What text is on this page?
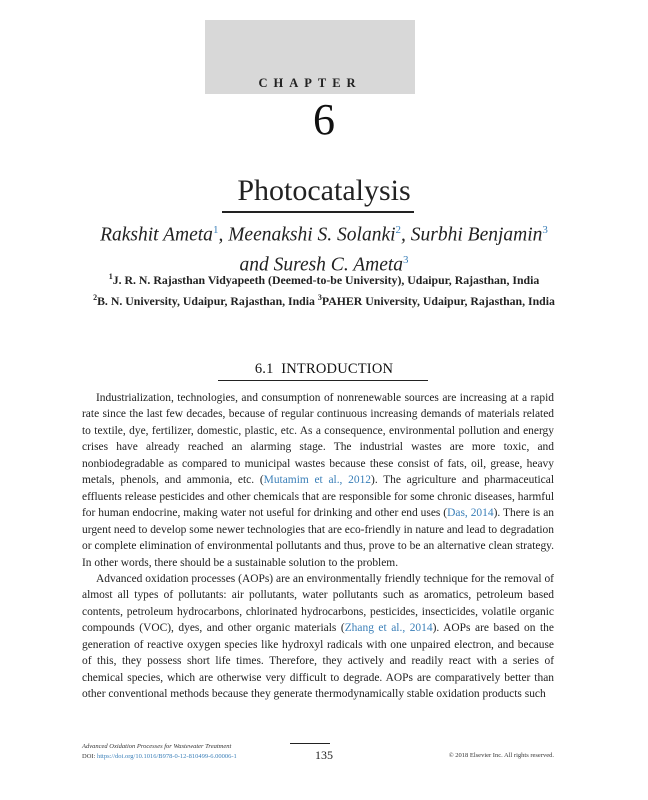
CHAPTER
6
Photocatalysis
Rakshit Ameta$^1$, Meenakshi S. Solanki$^2$, Surbhi Benjamin$^3$
and Suresh C. Ameta$^3$
$^1$J. R. N. Rajasthan Vidyapeeth (Deemed-to-be University), Udaipur, Rajasthan, India
$^2$B. N. University, Udaipur, Rajasthan, India $^3$PAHER University, Udaipur, Rajasthan, India
6.1 INTRODUCTION

Industrialization, technologies, and consumption of nonrenewable sources are increasing at a rapid rate since the last few decades, because of regular continuous increasing demands of materials related to textile, dye, fertilizer, domestic, plastic, etc. As a consequence, environmental pollution and energy crises have already reached an alarming stage. The industrial wastes are more toxic, and nonbiodegradable as compared to municipal wastes because these consist of fats, oil, grease, heavy metals, phenols, and ammonia, etc. (Mutamim et al., 2012). The agriculture and pharmaceutical effluents release pesticides and other chemicals that are responsible for some chronic diseases, harmful for human endocrine, making water not useful for drinking and other end uses (Das, 2014). There is an urgent need to develop some newer technologies that are eco-friendly in nature and lead to degradation or complete elimination of environmental pollutants and thus, prove to be an alternative clean strategy. In other words, there should be a sustainable solution to the problem.

Advanced oxidation processes (AOPs) are an environmentally friendly technique for the removal of almost all types of pollutants: air pollutants, water pollutants such as aromatics, petroleum based contents, petroleum hydrocarbons, chlorinated hydrocarbons, pesticides, insecticides, volatile organic compounds (VOC), dyes, and other organic materials (Zhang et al., 2014). AOPs are based on the generation of reactive oxygen species like hydroxyl radicals with one unpaired electron, and because of this, they possess short life times. Therefore, they actively and readily react with a series of chemical species, which are otherwise very difficult to degrade. AOPs are comparatively better than other conventional methods because they generate thermodynamically stable oxidation products such

Advanced Oxidation Processes for Wastewater Treatment
DOI: https://doi.org/10.1016/B978-0-12-810499-6.00006-1	135	© 2018 Elsevier Inc. All rights reserved.
